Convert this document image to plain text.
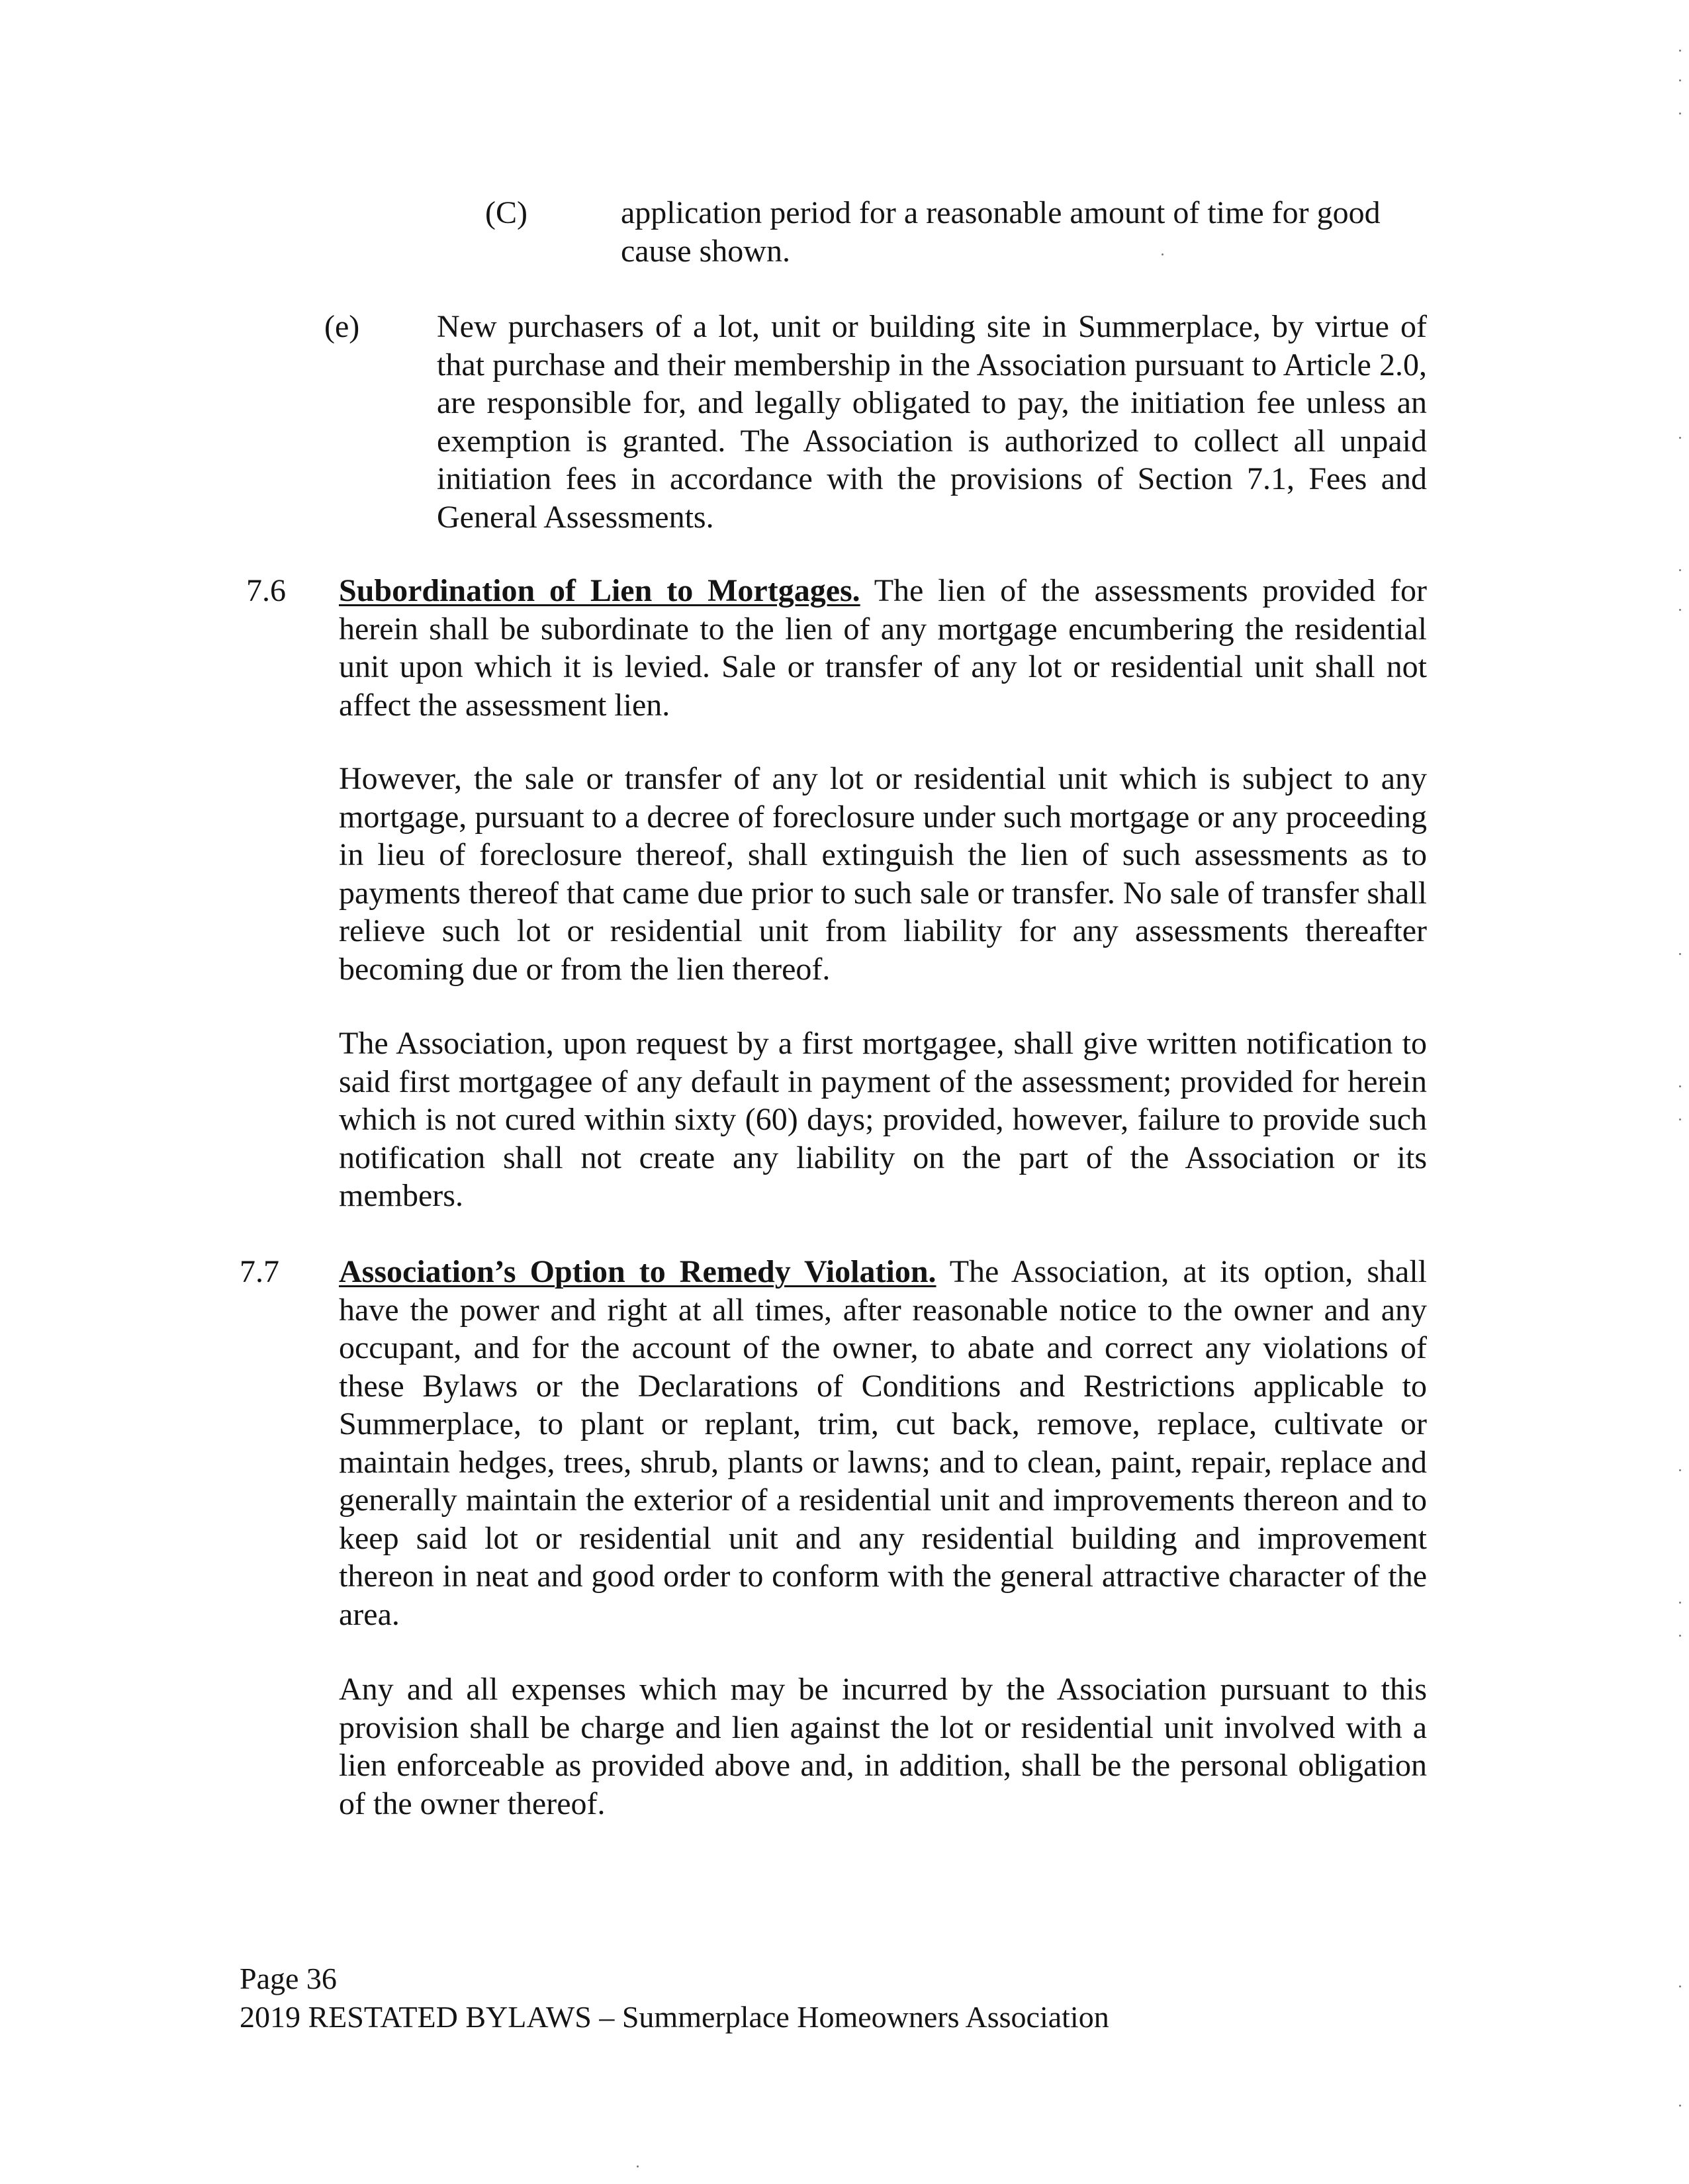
(C)	application period for a reasonable amount of time for good cause shown.

(e) New purchasers of a lot, unit or building site in Summerplace, by virtue of that purchase and their membership in the Association pursuant to Article 2.0, are responsible for, and legally obligated to pay, the initiation fee unless an exemption is granted. The Association is authorized to collect all unpaid initiation fees in accordance with the provisions of Section 7.1, Fees and General Assessments.

7.6 Subordination of Lien to Mortgages. The lien of the assessments provided for herein shall be subordinate to the lien of any mortgage encumbering the residential unit upon which it is levied. Sale or transfer of any lot or residential unit shall not affect the assessment lien.

However, the sale or transfer of any lot or residential unit which is subject to any mortgage, pursuant to a decree of foreclosure under such mortgage or any proceeding in lieu of foreclosure thereof, shall extinguish the lien of such assessments as to payments thereof that came due prior to such sale or transfer. No sale of transfer shall relieve such lot or residential unit from liability for any assessments thereafter becoming due or from the lien thereof.

The Association, upon request by a first mortgagee, shall give written notification to said first mortgagee of any default in payment of the assessment; provided for herein which is not cured within sixty (60) days; provided, however, failure to provide such notification shall not create any liability on the part of the Association or its members.

7.7 Association’s Option to Remedy Violation. The Association, at its option, shall have the power and right at all times, after reasonable notice to the owner and any occupant, and for the account of the owner, to abate and correct any violations of these Bylaws or the Declarations of Conditions and Restrictions applicable to Summerplace, to plant or replant, trim, cut back, remove, replace, cultivate or maintain hedges, trees, shrub, plants or lawns; and to clean, paint, repair, replace and generally maintain the exterior of a residential unit and improvements thereon and to keep said lot or residential unit and any residential building and improvement thereon in neat and good order to conform with the general attractive character of the area.

Any and all expenses which may be incurred by the Association pursuant to this provision shall be charge and lien against the lot or residential unit involved with a lien enforceable as provided above and, in addition, shall be the personal obligation of the owner thereof.

Page 36
2019 RESTATED BYLAWS – Summerplace Homeowners Association
